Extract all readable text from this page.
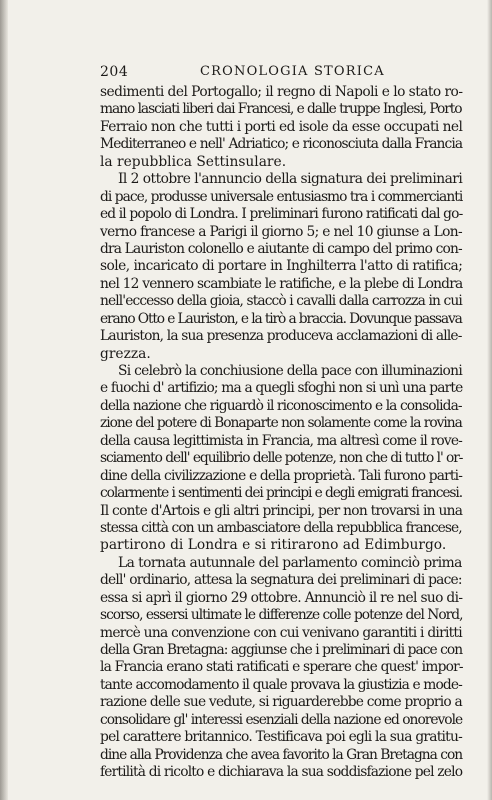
204	CRONOLOGIA STORICA
sedimenti del Portogallo; il regno di Napoli e lo stato ro-
mano lasciati liberi dai Francesi, e dalle truppe Inglesi, Porto
Ferraio non che tutti i porti ed isole da esse occupati nel
Mediterraneo e nell' Adriatico; e riconosciuta dalla Francia
la repubblica Settinsulare.
Il 2 ottobre l'annuncio della signatura dei preliminari
di pace, produsse universale entusiasmo tra i commercianti
ed il popolo di Londra. I preliminari furono ratificati dal go-
verno francese a Parigi il giorno 5; e nel 10 giunse a Lon-
dra Lauriston colonello e aiutante di campo del primo con-
sole, incaricato di portare in Inghilterra l'atto di ratifica;
nel 12 vennero scambiate le ratifiche, e la plebe di Londra
nell'eccesso della gioia, staccò i cavalli dalla carrozza in cui
erano Otto e Lauriston, e la tirò a braccia. Dovunque passava
Lauriston, la sua presenza produceva acclamazioni di alle-
grezza.
Si celebrò la conchiusione della pace con illuminazioni
e fuochi d' artifizio; ma a quegli sfoghi non si unì una parte
della nazione che riguardò il riconoscimento e la consolida-
zione del potere di Bonaparte non solamente come la rovina
della causa legittimista in Francia, ma altresì come il rove-
sciamento dell' equilibrio delle potenze, non che di tutto l' or-
dine della civilizzazione e della proprietà. Tali furono parti-
colarmente i sentimenti dei principi e degli emigrati francesi.
Il conte d'Artois e gli altri principi, per non trovarsi in una
stessa città con un ambasciatore della repubblica francese,
partirono di Londra e si ritirarono ad Edimburgo.
La tornata autunnale del parlamento cominciò prima
dell' ordinario, attesa la segnatura dei preliminari di pace:
essa si aprì il giorno 29 ottobre. Annunciò il re nel suo di-
scorso, essersi ultimate le differenze colle potenze del Nord,
mercè una convenzione con cui venivano garantiti i diritti
della Gran Bretagna: aggiunse che i preliminari di pace con
la Francia erano stati ratificati e sperare che quest' impor-
tante accomodamento il quale provava la giustizia e mode-
razione delle sue vedute, si riguarderebbe come proprio a
consolidare gl' interessi esenziali della nazione ed onorevole
pel carattere britannico. Testificava poi egli la sua gratitu-
dine alla Providenza che avea favorito la Gran Bretagna con
fertilità di ricolto e dichiarava la sua soddisfazione pel zelo
